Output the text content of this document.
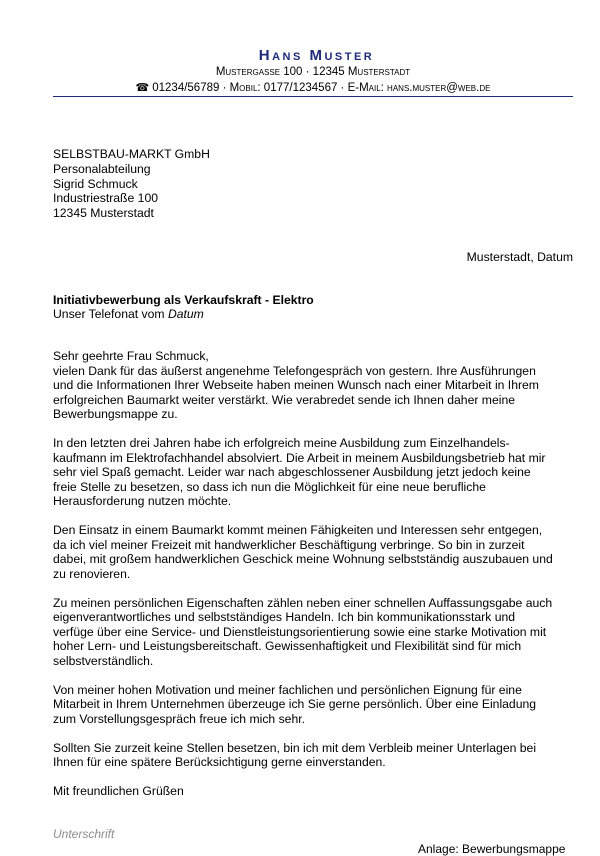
Hans Muster
Mustergasse 100 · 12345 Musterstadt
☎ 01234/56789 · Mobil: 0177/1234567 · E-Mail: hans.muster@web.de
SELBSTBAU-MARKT GmbH
Personalabteilung
Sigrid Schmuck
Industriestraße 100
12345 Musterstadt
Musterstadt, Datum
Initiativbewerbung als Verkaufskraft - Elektro
Unser Telefonat vom Datum

Sehr geehrte Frau Schmuck,

vielen Dank für das äußerst angenehme Telefongespräch von gestern. Ihre Ausführungen
und die Informationen Ihrer Webseite haben meinen Wunsch nach einer Mitarbeit in Ihrem
erfolgreichen Baumarkt weiter verstärkt. Wie verabredet sende ich Ihnen daher meine
Bewerbungsmappe zu.
In den letzten drei Jahren habe ich erfolgreich meine Ausbildung zum Einzelhandels-
kaufmann im Elektrofachhandel absolviert. Die Arbeit in meinem Ausbildungsbetrieb hat mir
sehr viel Spaß gemacht. Leider war nach abgeschlossener Ausbildung jetzt jedoch keine
freie Stelle zu besetzen, so dass ich nun die Möglichkeit für eine neue berufliche
Herausforderung nutzen möchte.
Den Einsatz in einem Baumarkt kommt meinen Fähigkeiten und Interessen sehr entgegen,
da ich viel meiner Freizeit mit handwerklicher Beschäftigung verbringe. So bin in zurzeit
dabei, mit großem handwerklichen Geschick meine Wohnung selbstständig auszubauen und
zu renovieren.
Zu meinen persönlichen Eigenschaften zählen neben einer schnellen Auffassungsgabe auch
eigenverantwortliches und selbstständiges Handeln. Ich bin kommunikationsstark und
verfüge über eine Service- und Dienstleistungsorientierung sowie eine starke Motivation mit
hoher Lern- und Leistungsbereitschaft. Gewissenhaftigkeit und Flexibilität sind für mich
selbstverständlich.
Von meiner hohen Motivation und meiner fachlichen und persönlichen Eignung für eine
Mitarbeit in Ihrem Unternehmen überzeuge ich Sie gerne persönlich. Über eine Einladung
zum Vorstellungsgespräch freue ich mich sehr.
Sollten Sie zurzeit keine Stellen besetzen, bin ich mit dem Verbleib meiner Unterlagen bei
Ihnen für eine spätere Berücksichtigung gerne einverstanden.

Mit freundlichen Grüßen

Unterschrift
Anlage: Bewerbungsmappe
